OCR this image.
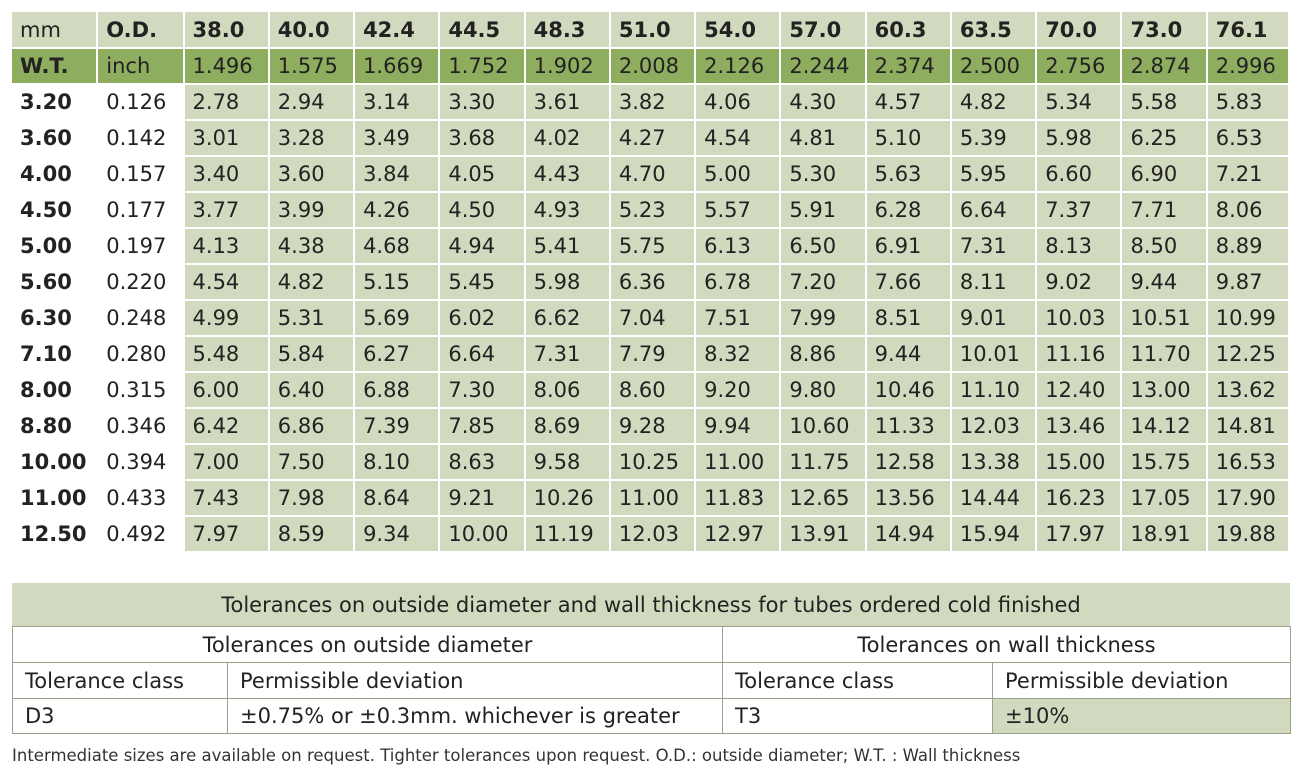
mm	O.D.	38.0	40.0	42.4	44.5	48.3	51.0	54.0	57.0	60.3	63.5	70.0	73.0	76.1
W.T.	inch	1.496	1.575	1.669	1.752	1.902	2.008	2.126	2.244	2.374	2.500	2.756	2.874	2.996
3.20	0.126	2.78	2.94	3.14	3.30	3.61	3.82	4.06	4.30	4.57	4.82	5.34	5.58	5.83
3.60	0.142	3.01	3.28	3.49	3.68	4.02	4.27	4.54	4.81	5.10	5.39	5.98	6.25	6.53
4.00	0.157	3.40	3.60	3.84	4.05	4.43	4.70	5.00	5.30	5.63	5.95	6.60	6.90	7.21
4.50	0.177	3.77	3.99	4.26	4.50	4.93	5.23	5.57	5.91	6.28	6.64	7.37	7.71	8.06
5.00	0.197	4.13	4.38	4.68	4.94	5.41	5.75	6.13	6.50	6.91	7.31	8.13	8.50	8.89
5.60	0.220	4.54	4.82	5.15	5.45	5.98	6.36	6.78	7.20	7.66	8.11	9.02	9.44	9.87
6.30	0.248	4.99	5.31	5.69	6.02	6.62	7.04	7.51	7.99	8.51	9.01	10.03	10.51	10.99
7.10	0.280	5.48	5.84	6.27	6.64	7.31	7.79	8.32	8.86	9.44	10.01	11.16	11.70	12.25
8.00	0.315	6.00	6.40	6.88	7.30	8.06	8.60	9.20	9.80	10.46	11.10	12.40	13.00	13.62
8.80	0.346	6.42	6.86	7.39	7.85	8.69	9.28	9.94	10.60	11.33	12.03	13.46	14.12	14.81
10.00	0.394	7.00	7.50	8.10	8.63	9.58	10.25	11.00	11.75	12.58	13.38	15.00	15.75	16.53
11.00	0.433	7.43	7.98	8.64	9.21	10.26	11.00	11.83	12.65	13.56	14.44	16.23	17.05	17.90
12.50	0.492	7.97	8.59	9.34	10.00	11.19	12.03	12.97	13.91	14.94	15.94	17.97	18.91	19.88
Tolerances on outside diameter and wall thickness for tubes ordered cold finished
Tolerances on outside diameter		Tolerances on wall thickness	
Tolerance class	Permissible deviation	Tolerance class	Permissible deviation
D3	±0.75% or ±0.3mm. whichever is greater	T3	±10%
Intermediate sizes are available on request. Tighter tolerances upon request. O.D.: outside diameter; W.T. : Wall thickness
